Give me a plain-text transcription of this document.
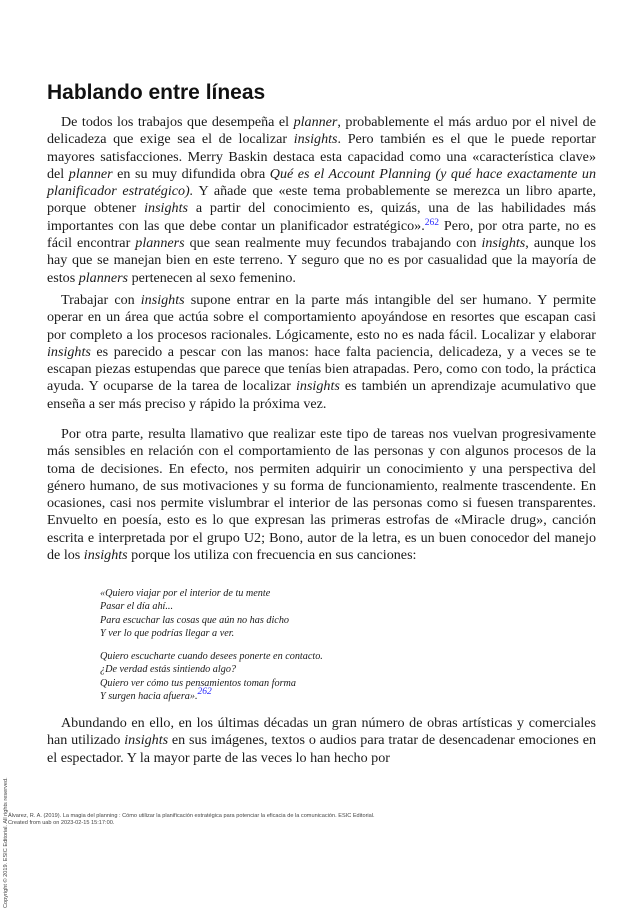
Hablando entre líneas

De todos los trabajos que desempeña el planner, probablemente el más arduo por el nivel de delicadeza que exige sea el de localizar insights. Pero también es el que le puede reportar mayores satisfacciones. Merry Baskin destaca esta capacidad como una «característica clave» del planner en su muy difundida obra Qué es el Account Planning (y qué hace exactamente un planificador estratégico). Y añade que «este tema probablemente se merezca un libro aparte, porque obtener insights a partir del conocimiento es, quizás, una de las habilidades más importantes con las que debe contar un planificador estratégico».$^{262}$ Pero, por otra parte, no es fácil encontrar planners que sean realmente muy fecundos trabajando con insights, aunque los hay que se manejan bien en este terreno. Y seguro que no es por casualidad que la mayoría de estos planners pertenecen al sexo femenino.

Trabajar con insights supone entrar en la parte más intangible del ser humano. Y permite operar en un área que actúa sobre el comportamiento apoyándose en resortes que escapan casi por completo a los procesos racionales. Lógicamente, esto no es nada fácil. Localizar y elaborar insights es parecido a pescar con las manos: hace falta paciencia, delicadeza, y a veces se te escapan piezas estupendas que parece que tenías bien atrapadas. Pero, como con todo, la práctica ayuda. Y ocuparse de la tarea de localizar insights es también un aprendizaje acumulativo que enseña a ser más preciso y rápido la próxima vez.

Por otra parte, resulta llamativo que realizar este tipo de tareas nos vuelvan progresivamente más sensibles en relación con el comportamiento de las personas y con algunos procesos de la toma de decisiones. En efecto, nos permiten adquirir un conocimiento y una perspectiva del género humano, de sus motivaciones y su forma de funcionamiento, realmente trascendente. En ocasiones, casi nos permite vislumbrar el interior de las personas como si fuesen transparentes. Envuelto en poesía, esto es lo que expresan las primeras estrofas de «Miracle drug», canción escrita e interpretada por el grupo U2; Bono, autor de la letra, es un buen conocedor del manejo de los insights porque los utiliza con frecuencia en sus canciones:

«Quiero viajar por el interior de tu mente
Pasar el día ahí...
Para escuchar las cosas que aún no has dicho
Y ver lo que podrías llegar a ver.
Quiero escucharte cuando desees ponerte en contacto.
¿De verdad estás sintiendo algo?
Quiero ver cómo tus pensamientos toman forma
Y surgen hacia afuera».262

Abundando en ello, en los últimas décadas un gran número de obras artísticas y comerciales han utilizado insights en sus imágenes, textos o audios para tratar de desencadenar emociones en el espectador. Y la mayor parte de las veces lo han hecho por

Copyright © 2019. ESIC Editorial. All rights reserved. Álvarez, R. A. (2019). La magia del planning : Cómo utilizar la planificación estratégica para potenciar la eficacia de la comunicación. ESIC Editorial.
Created from uab on 2023-02-15 15:17:00.
